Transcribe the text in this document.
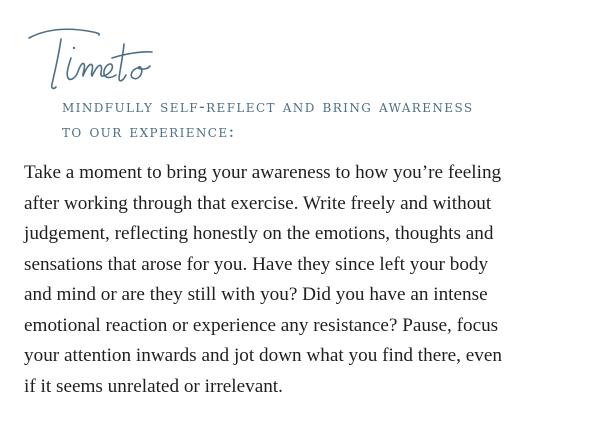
mindfully self-reflect and bring awareness
to our experience:
Take a moment to bring your awareness to how you’re feeling
after working through that exercise. Write freely and without
judgement, reflecting honestly on the emotions, thoughts and
sensations that arose for you. Have they since left your body
and mind or are they still with you? Did you have an intense
emotional reaction or experience any resistance? Pause, focus
your attention inwards and jot down what you find there, even
if it seems unrelated or irrelevant.
